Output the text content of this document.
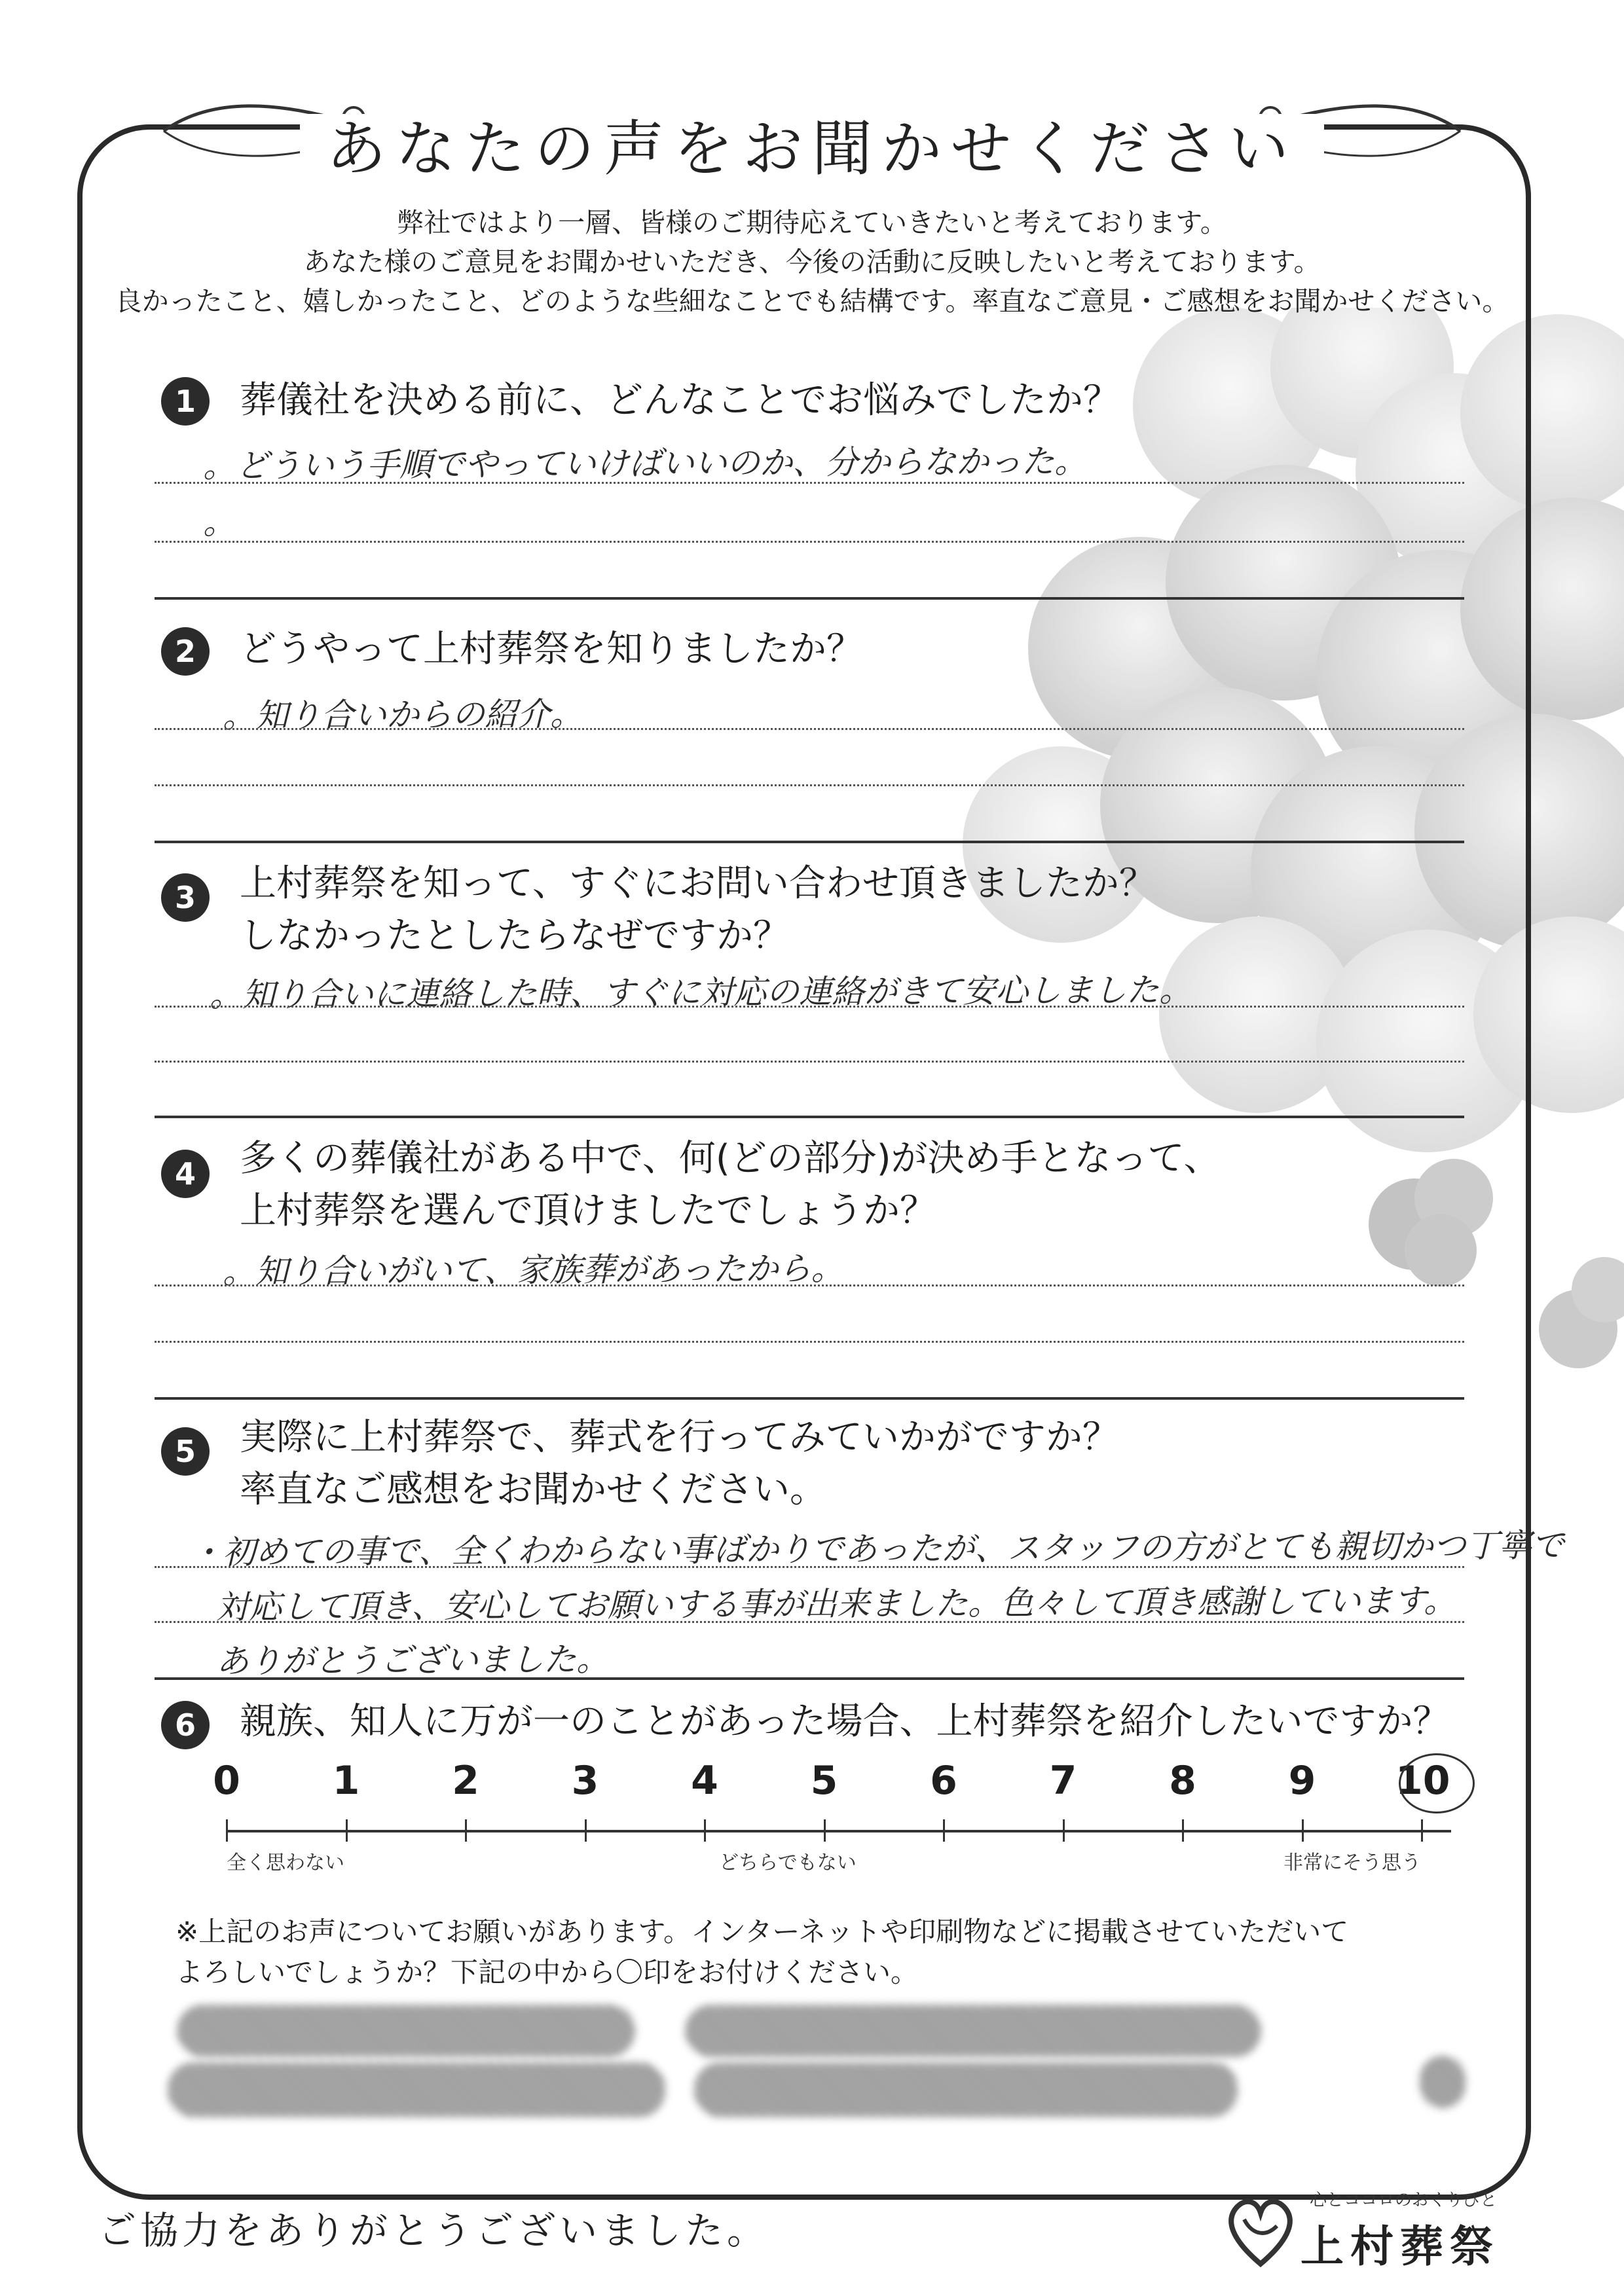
あなたの声をお聞かせください
弊社ではより一層、皆様のご期待応えていきたいと考えております。
あなた様のご意見をお聞かせいただき、今後の活動に反映したいと考えております。
良かったこと、嬉しかったこと、どのような些細なことでも結構です。率直なご意見・ご感想をお聞かせください。
1	葬儀社を決める前に、どんなことでお悩みでしたか？
。どういう手順でやっていけばいいのか、分からなかった。
。
2	どうやって上村葬祭を知りましたか？
。知り合いからの紹介。
3	上村葬祭を知って、すぐにお問い合わせ頂きましたか？
しなかったとしたらなぜですか？
。知り合いに連絡した時、すぐに対応の連絡がきて安心しました。
4	多くの葬儀社がある中で、何(どの部分)が決め手となって、
上村葬祭を選んで頂けましたでしょうか？
。知り合いがいて、家族葬があったから。
5	実際に上村葬祭で、葬式を行ってみていかがですか？
率直なご感想をお聞かせください。
・初めての事で、全くわからない事ばかりであったが、スタッフの方がとても親切かつ丁寧で
対応して頂き、安心してお願いする事が出来ました。色々して頂き感謝しています。
ありがとうございました。
6	親族、知人に万が一のことがあった場合、上村葬祭を紹介したいですか？
0	1	2	3	4	5	6	7	8	9	10
全く思わない	どちらでもない	非常にそう思う
※上記のお声についてお願いがあります。インターネットや印刷物などに掲載させていただいて
よろしいでしょうか？下記の中から〇印をお付けください。
ご協力をありがとうございました。
心とココロのおくりびと
上村葬祭
